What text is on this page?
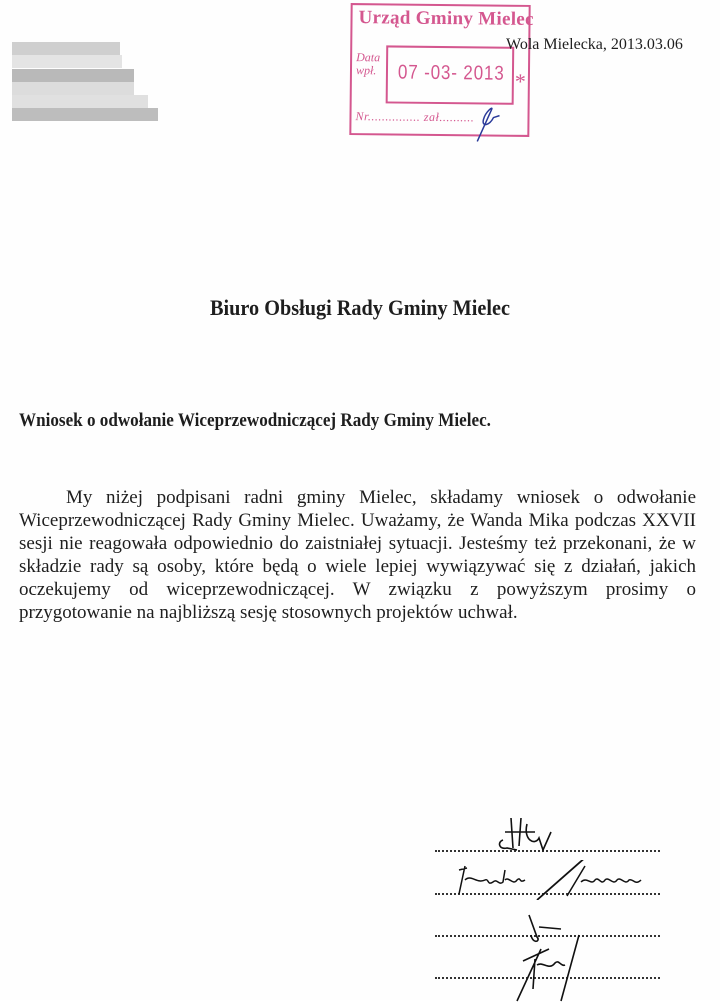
Urząd Gminy Mielec
Data
wpł. 07 -03- 2013 *
Nr............... zał..........
Wola Mielecka, 2013.03.06
Biuro Obsługi Rady Gminy Mielec
Wniosek o odwołanie Wiceprzewodniczącej Rady Gminy Mielec.
My niżej podpisani radni gminy Mielec, składamy wniosek o odwołanie Wiceprzewodniczącej Rady Gminy Mielec. Uważamy, że Wanda Mika podczas XXVII sesji nie reagowała odpowiednio do zaistniałej sytuacji. Jesteśmy też przekonani, że w składzie rady są osoby, które będą o wiele lepiej wywiązywać się z działań, jakich oczekujemy od wiceprzewodniczącej. W związku z powyższym prosimy o przygotowanie na najbliższą sesję stosownych projektów uchwał.
